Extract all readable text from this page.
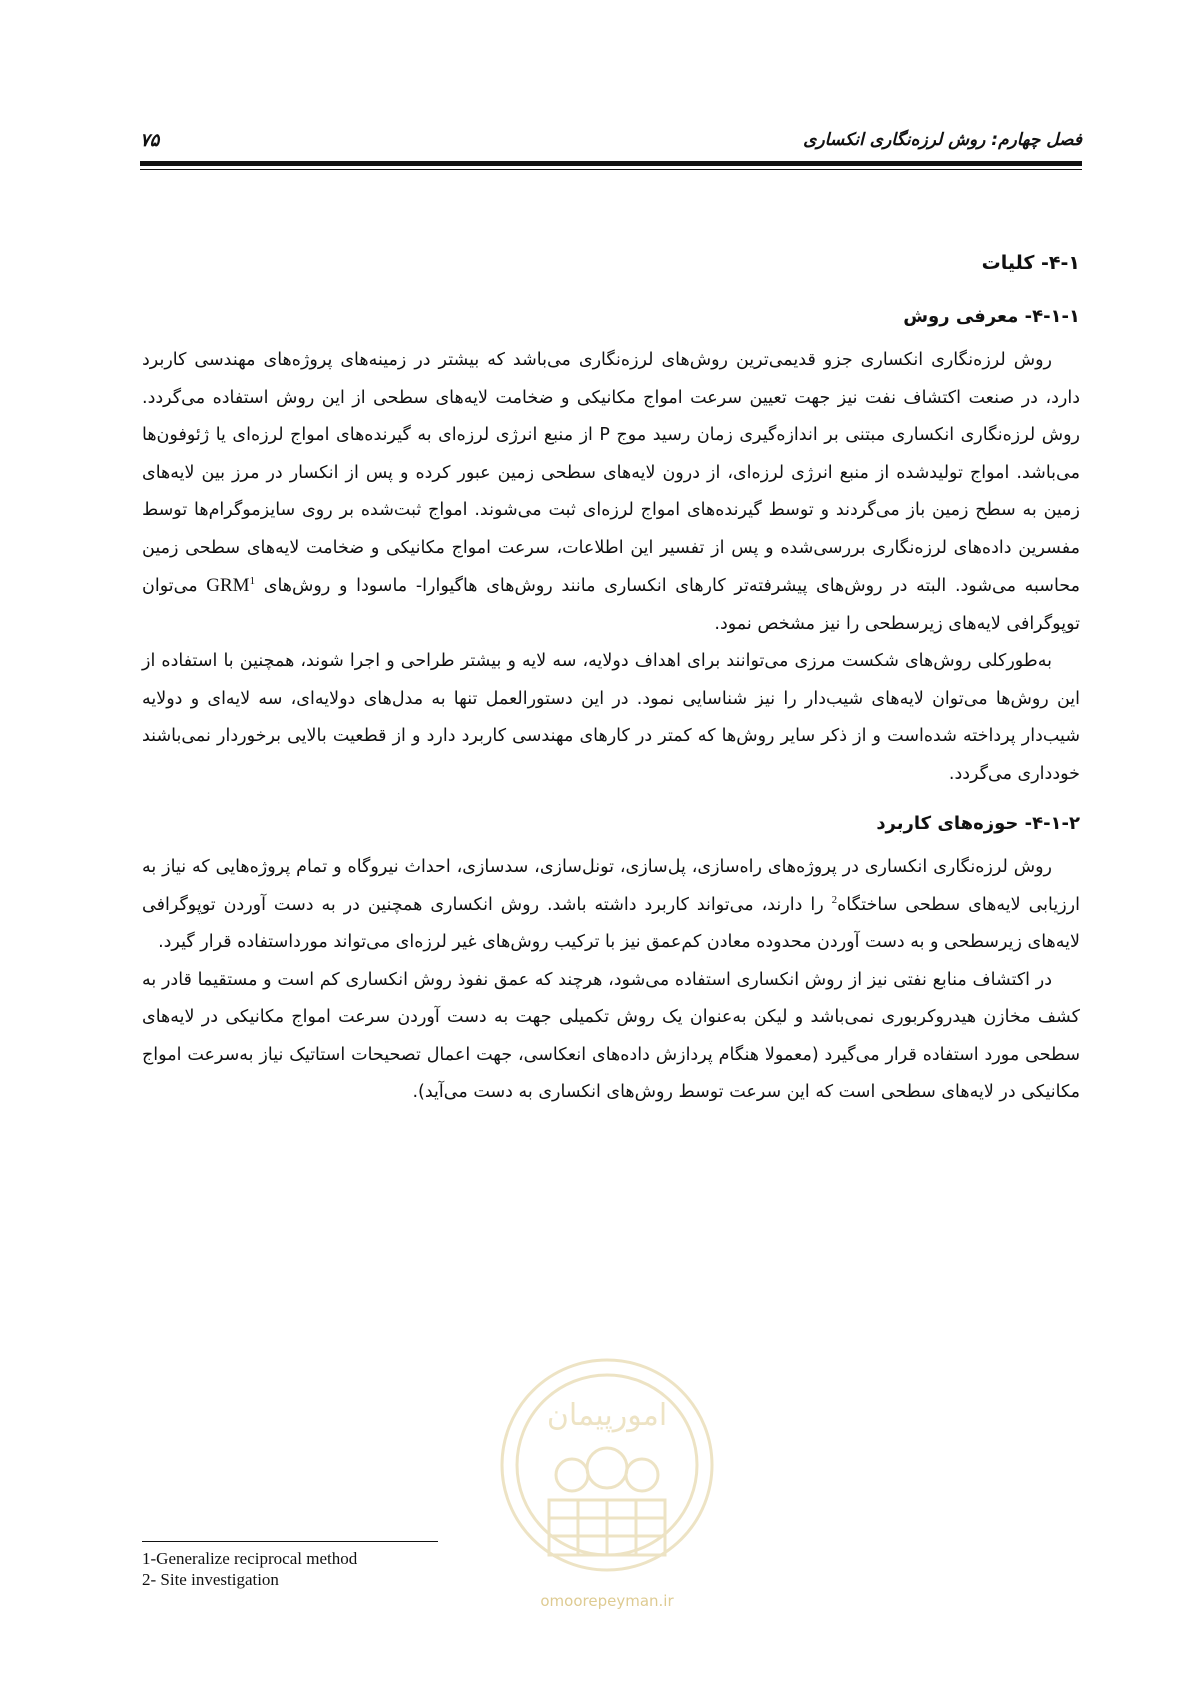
فصل چهارم: روش لرزه‌نگاری انکساری
۷۵
۴-۱- کلیات
۴-۱-۱- معرفی روش

روش لرزه‌نگاری انکساری جزو قدیمی‌ترین روش‌های لرزه‌نگاری می‌باشد که بیشتر در زمینه‌های پروژه‌های مهندسی کاربرد دارد، در صنعت اکتشاف نفت نیز جهت تعیین سرعت امواج مکانیکی و ضخامت لایه‌های سطحی از این روش استفاده می‌گردد. روش لرزه‌نگاری انکساری مبتنی بر اندازه‌گیری زمان رسید موج P از منبع انرژی لرزه‌ای به گیرنده‌های امواج لرزه‌ای یا ژئوفون‌ها می‌باشد. امواج تولیدشده از منبع انرژی لرزه‌ای، از درون لایه‌های سطحی زمین عبور کرده و پس از انکسار در مرز بین لایه‌های زمین به سطح زمین باز می‌گردند و توسط گیرنده‌های امواج لرزه‌ای ثبت می‌شوند. امواج ثبت‌شده بر روی سایزموگرام‌ها توسط مفسرین داده‌های لرزه‌نگاری بررسی‌شده و پس از تفسیر این اطلاعات، سرعت امواج مکانیکی و ضخامت لایه‌های سطحی زمین محاسبه می‌شود. البته در روش‌های پیشرفته‌تر کارهای انکساری مانند روش‌های هاگیوارا- ماسودا و روش‌های GRM$^1$ می‌توان توپوگرافی لایه‌های زیرسطحی را نیز مشخص نمود.

به‌طورکلی روش‌های شکست مرزی می‌توانند برای اهداف دولایه، سه لایه و بیشتر طراحی و اجرا شوند، همچنین با استفاده از این روش‌ها می‌توان لایه‌های شیب‌دار را نیز شناسایی نمود. در این دستورالعمل تنها به مدل‌های دولایه‌ای، سه لایه‌ای و دولایه شیب‌دار پرداخته شده‌است و از ذکر سایر روش‌ها که کمتر در کارهای مهندسی کاربرد دارد و از قطعیت بالایی برخوردار نمی‌باشند خودداری می‌گردد.

۴-۱-۲- حوزه‌های کاربرد

روش لرزه‌نگاری انکساری در پروژه‌های راه‌سازی، پل‌سازی، تونل‌سازی، سدسازی، احداث نیروگاه و تمام پروژه‌هایی که نیاز به ارزیابی لایه‌های سطحی ساختگاه$^2$ را دارند، می‌تواند کاربرد داشته باشد. روش انکساری همچنین در به دست آوردن توپوگرافی لایه‌های زیرسطحی و به دست آوردن محدوده معادن کم‌عمق نیز با ترکیب روش‌های غیر لرزه‌ای می‌تواند مورداستفاده قرار گیرد.

در اکتشاف منابع نفتی نیز از روش انکساری استفاده می‌شود، هرچند که عمق نفوذ روش انکساری کم است و مستقیما قادر به کشف مخازن هیدروکربوری نمی‌باشد و لیکن به‌عنوان یک روش تکمیلی جهت به دست آوردن سرعت امواج مکانیکی در لایه‌های سطحی مورد استفاده قرار می‌گیرد (معمولا هنگام پردازش داده‌های انعکاسی، جهت اعمال تصحیحات استاتیک نیاز به‌سرعت امواج مکانیکی در لایه‌های سطحی است که این سرعت توسط روش‌های انکساری به دست می‌آید).

امورپیمان
omoorepeyman.ir
1-Generalize reciprocal method
2- Site investigation
